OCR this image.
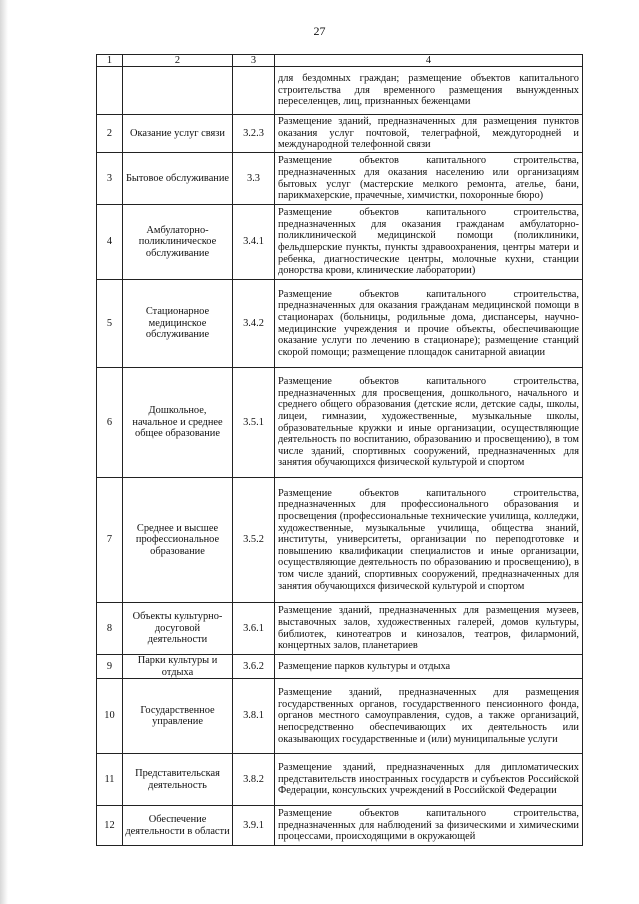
27
1	2	3	4
			для бездомных граждан; размещение объектов капитального строительства для временного размещения вынужденных переселенцев, лиц, признанных беженцами
2	Оказание услуг связи	3.2.3	Размещение зданий, предназначенных для размещения пунктов оказания услуг почтовой, телеграфной, междугородней и международной телефонной связи
3	Бытовое обслуживание	3.3	Размещение объектов капитального строительства, предназначенных для оказания населению или организациям бытовых услуг (мастерские мелкого ремонта, ателье, бани, парикмахерские, прачечные, химчистки, похоронные бюро)
4	Амбулаторно-поликлиническое обслуживание	3.4.1	Размещение объектов капитального строительства, предназначенных для оказания гражданам амбулаторно-поликлинической медицинской помощи (поликлиники, фельдшерские пункты, пункты здравоохранения, центры матери и ребенка, диагностические центры, молочные кухни, станции донорства крови, клинические лаборатории)
5	Стационарное медицинское обслуживание	3.4.2	Размещение объектов капитального строительства, предназначенных для оказания гражданам медицинской помощи в стационарах (больницы, родильные дома, диспансеры, научно-медицинские учреждения и прочие объекты, обеспечивающие оказание услуги по лечению в стационаре); размещение станций скорой помощи; размещение площадок санитарной авиации
6	Дошкольное, начальное и среднее общее образование	3.5.1	Размещение объектов капитального строительства, предназначенных для просвещения, дошкольного, начального и среднего общего образования (детские ясли, детские сады, школы, лицеи, гимназии, художественные, музыкальные школы, образовательные кружки и иные организации, осуществляющие деятельность по воспитанию, образованию и просвещению), в том числе зданий, спортивных сооружений, предназначенных для занятия обучающихся физической культурой и спортом
7	Среднее и высшее профессиональное образование	3.5.2	Размещение объектов капитального строительства, предназначенных для профессионального образования и просвещения (профессиональные технические училища, колледжи, художественные, музыкальные училища, общества знаний, институты, университеты, организации по переподготовке и повышению квалификации специалистов и иные организации, осуществляющие деятельность по образованию и просвещению), в том числе зданий, спортивных сооружений, предназначенных для занятия обучающихся физической культурой и спортом
8	Объекты культурно-досуговой деятельности	3.6.1	Размещение зданий, предназначенных для размещения музеев, выставочных залов, художественных галерей, домов культуры, библиотек, кинотеатров и кинозалов, театров, филармоний, концертных залов, планетариев
9	Парки культуры и отдыха	3.6.2	Размещение парков культуры и отдыха
10	Государственное управление	3.8.1	Размещение зданий, предназначенных для размещения государственных органов, государственного пенсионного фонда, органов местного самоуправления, судов, а также организаций, непосредственно обеспечивающих их деятельность или оказывающих государственные и (или) муниципальные услуги
11	Представительская деятельность	3.8.2	Размещение зданий, предназначенных для дипломатических представительств иностранных государств и субъектов Российской Федерации, консульских учреждений в Российской Федерации
12	Обеспечение деятельности в области	3.9.1	Размещение объектов капитального строительства, предназначенных для наблюдений за физическими и химическими процессами, происходящими в окружающей
